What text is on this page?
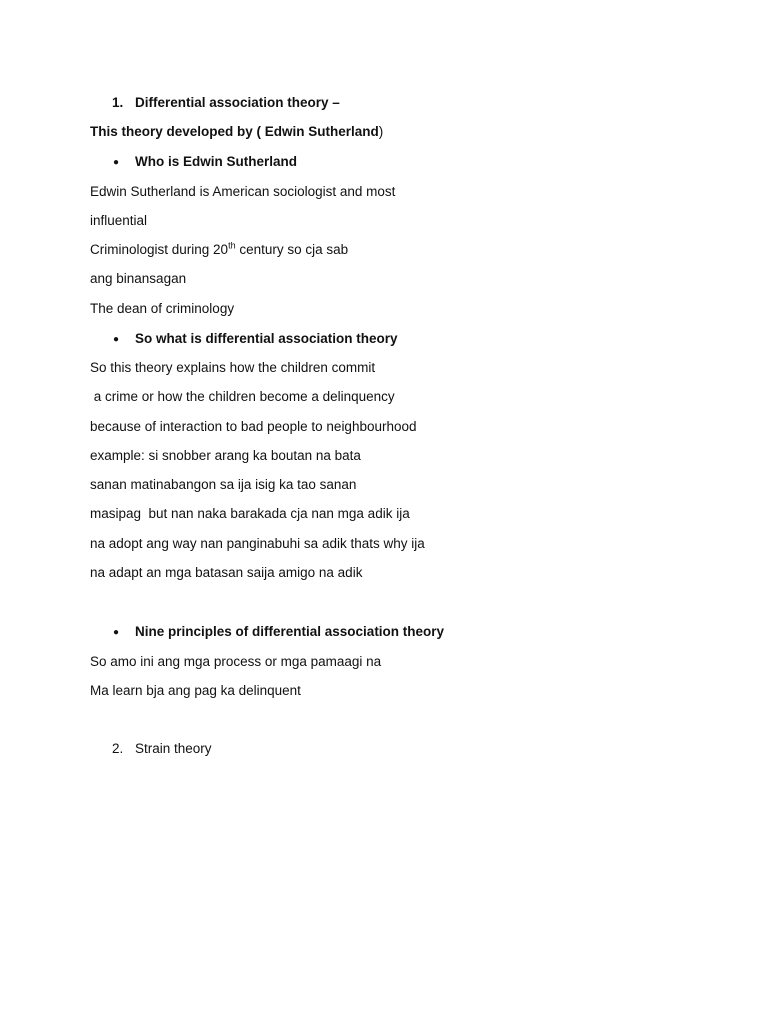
1. Differential association theory –
This theory developed by ( Edwin Sutherland)
● Who is Edwin Sutherland
Edwin Sutherland is American sociologist and most
influential
Criminologist during 20th century so cja sab
ang binansagan
The dean of criminology
● So what is differential association theory
So this theory explains how the children commit
a crime or how the children become a delinquency
because of interaction to bad people to neighbourhood
example: si snobber arang ka boutan na bata
sanan matinabangon sa ija isig ka tao sanan
masipag  but nan naka barakada cja nan mga adik ija
na adopt ang way nan panginabuhi sa adik thats why ija
na adapt an mga batasan saija amigo na adik
● Nine principles of differential association theory
So amo ini ang mga process or mga pamaagi na
Ma learn bja ang pag ka delinquent
2. Strain theory
